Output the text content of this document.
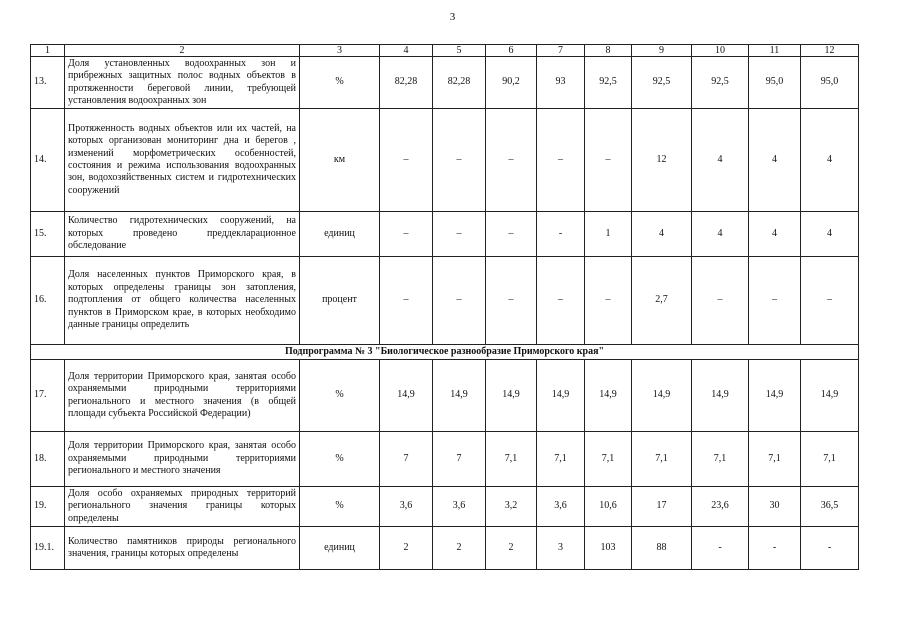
3
1	2	3	4	5	6	7	8	9	10	11	12
13.	Доля установленных водоохранных зон и прибрежных защитных полос водных объектов в протяженности береговой линии, требующей установления водоохранных зон	%	82,28	82,28	90,2	93	92,5	92,5	92,5	95,0	95,0
14.	Протяженность водных объектов или их частей, на которых организован мониторинг дна и берегов , изменений морфометрических особенностей, состояния и режима использования водоохранных зон, водохозяйственных систем и гидротехнических сооружений	км	–	–	–	–	–	12	4	4	4
15.	Количество гидротехнических сооружений, на которых проведено преддекларационное обследование	единиц	–	–	–	-	1	4	4	4	4
16.	Доля населенных пунктов Приморского края, в которых определены границы зон затопления, подтопления от общего количества населенных пунктов в Приморском крае, в которых необходимо данные границы определить	процент	–	–	–	–	–	2,7	–	–	–
Подпрограмма № 3 "Биологическое разнообразие Приморского края"											
17.	Доля территории Приморского края, занятая особо охраняемыми природными территориями регионального и местного значения (в общей площади субъекта Российской Федерации)	%	14,9	14,9	14,9	14,9	14,9	14,9	14,9	14,9	14,9
18.	Доля территории Приморского края, занятая особо охраняемыми природными территориями регионального и местного значения	%	7	7	7,1	7,1	7,1	7,1	7,1	7,1	7,1
19.	Доля особо охраняемых природных территорий регионального значения границы которых определены	%	3,6	3,6	3,2	3,6	10,6	17	23,6	30	36,5
19.1.	Количество памятников природы регионального значения, границы которых определены	единиц	2	2	2	3	103	88	-	-	-
